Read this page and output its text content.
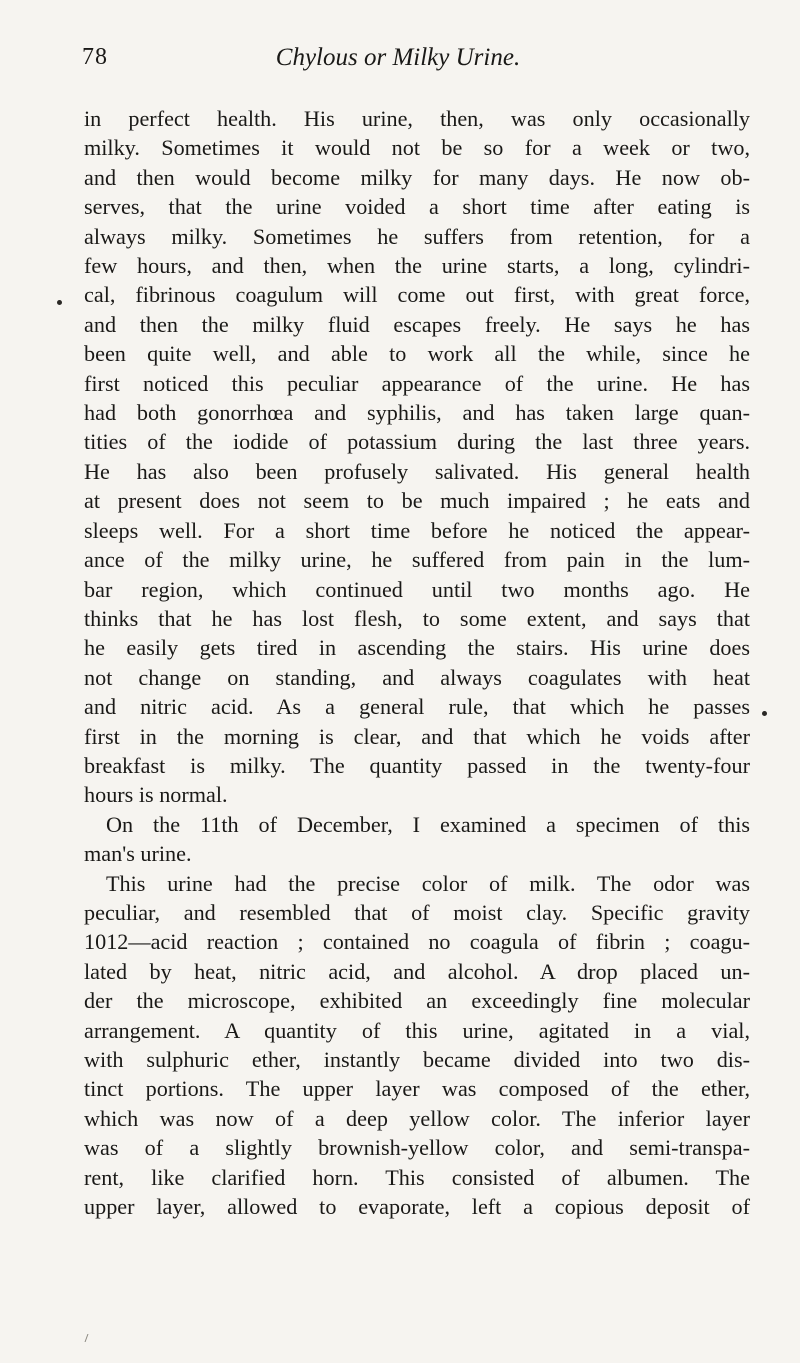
78	Chylous or Milky Urine.
in perfect health. His urine, then, was only occasionally
milky. Sometimes it would not be so for a week or two,
and then would become milky for many days. He now ob-
serves, that the urine voided a short time after eating is
always milky. Sometimes he suffers from retention, for a
few hours, and then, when the urine starts, a long, cylindri-
cal, fibrinous coagulum will come out first, with great force,
and then the milky fluid escapes freely. He says he has
been quite well, and able to work all the while, since he
first noticed this peculiar appearance of the urine. He has
had both gonorrhœa and syphilis, and has taken large quan-
tities of the iodide of potassium during the last three years.
He has also been profusely salivated. His general health
at present does not seem to be much impaired ; he eats and
sleeps well. For a short time before he noticed the appear-
ance of the milky urine, he suffered from pain in the lum-
bar region, which continued until two months ago. He
thinks that he has lost flesh, to some extent, and says that
he easily gets tired in ascending the stairs. His urine does
not change on standing, and always coagulates with heat
and nitric acid. As a general rule, that which he passes
first in the morning is clear, and that which he voids after
breakfast is milky. The quantity passed in the twenty-four
hours is normal.
On the 11th of December, I examined a specimen of this
man's urine.
This urine had the precise color of milk. The odor was
peculiar, and resembled that of moist clay. Specific gravity
1012—acid reaction ; contained no coagula of fibrin ; coagu-
lated by heat, nitric acid, and alcohol. A drop placed un-
der the microscope, exhibited an exceedingly fine molecular
arrangement. A quantity of this urine, agitated in a vial,
with sulphuric ether, instantly became divided into two dis-
tinct portions. The upper layer was composed of the ether,
which was now of a deep yellow color. The inferior layer
was of a slightly brownish-yellow color, and semi-transpa-
rent, like clarified horn. This consisted of albumen. The
upper layer, allowed to evaporate, left a copious deposit of
